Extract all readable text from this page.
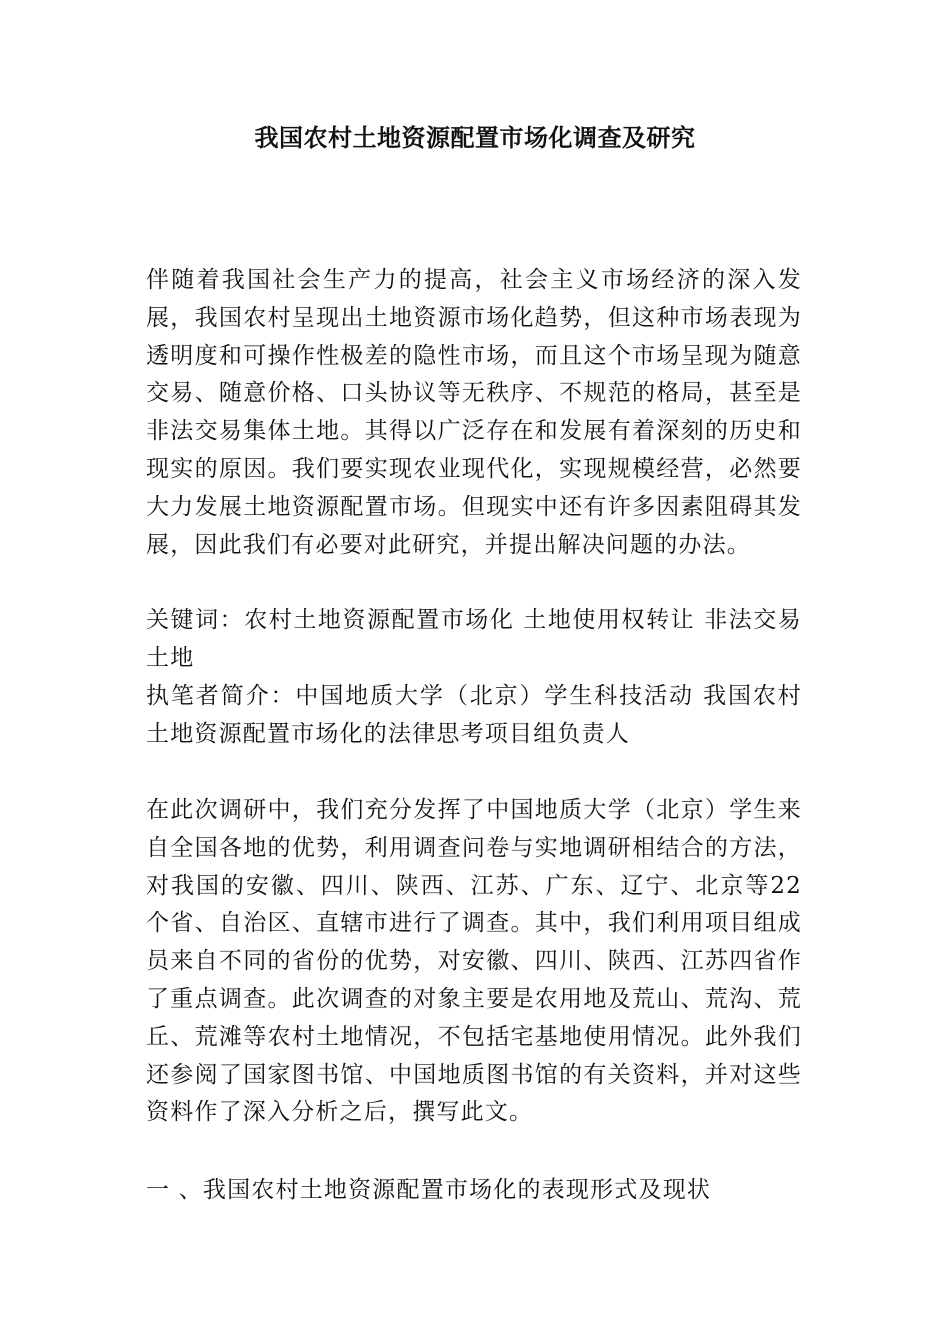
我国农村土地资源配置市场化调查及研究

伴随着我国社会生产力的提高，社会主义市场经济的深入发展，我国农村呈现出土地资源市场化趋势，但这种市场表现为透明度和可操作性极差的隐性市场，而且这个市场呈现为随意交易、随意价格、口头协议等无秩序、不规范的格局，甚至是非法交易集体土地。其得以广泛存在和发展有着深刻的历史和现实的原因。我们要实现农业现代化，实现规模经营，必然要大力发展土地资源配置市场。但现实中还有许多因素阻碍其发展，因此我们有必要对此研究，并提出解决问题的办法。

关键词：农村土地资源配置市场化 土地使用权转让 非法交易土地

执笔者简介：中国地质大学（北京）学生科技活动 我国农村土地资源配置市场化的法律思考项目组负责人

在此次调研中，我们充分发挥了中国地质大学（北京）学生来自全国各地的优势，利用调查问卷与实地调研相结合的方法，对我国的安徽、四川、陕西、江苏、广东、辽宁、北京等22个省、自治区、直辖市进行了调查。其中，我们利用项目组成员来自不同的省份的优势，对安徽、四川、陕西、江苏四省作了重点调查。此次调查的对象主要是农用地及荒山、荒沟、荒丘、荒滩等农村土地情况，不包括宅基地使用情况。此外我们还参阅了国家图书馆、中国地质图书馆的有关资料，并对这些资料作了深入分析之后，撰写此文。

一 、我国农村土地资源配置市场化的表现形式及现状
